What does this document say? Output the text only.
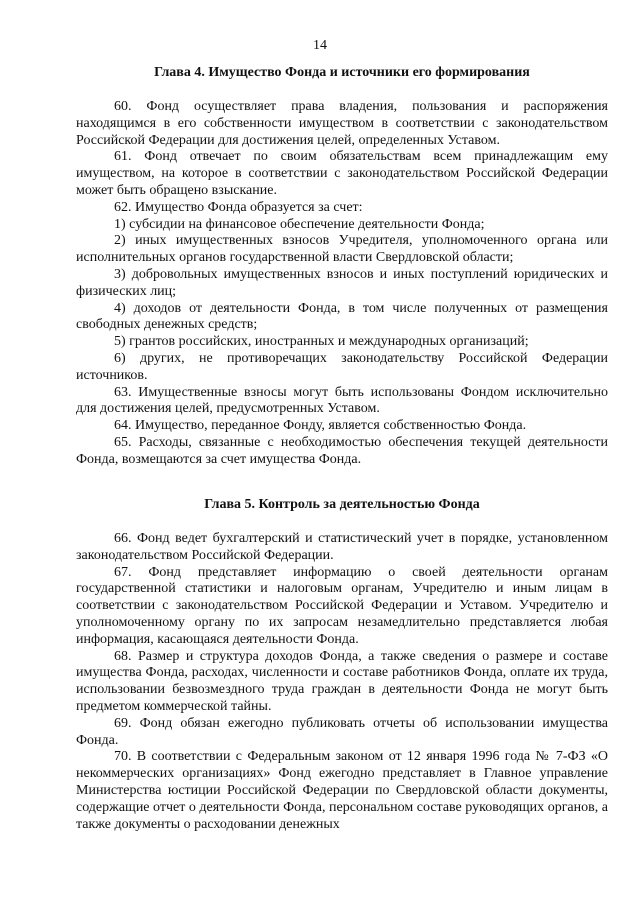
14
Глава 4. Имущество Фонда и источники его формирования

60. Фонд осуществляет права владения, пользования и распоряжения находящимся в его собственности имуществом в соответствии с законодательством Российской Федерации для достижения целей, определенных Уставом.

61. Фонд отвечает по своим обязательствам всем принадлежащим ему имуществом, на которое в соответствии с законодательством Российской Федерации может быть обращено взыскание.

62. Имущество Фонда образуется за счет:

1) субсидии на финансовое обеспечение деятельности Фонда;

2) иных имущественных взносов Учредителя, уполномоченного органа или исполнительных органов государственной власти Свердловской области;

3) добровольных имущественных взносов и иных поступлений юридических и физических лиц;

4) доходов от деятельности Фонда, в том числе полученных от размещения свободных денежных средств;

5) грантов российских, иностранных и международных организаций;

6) других, не противоречащих законодательству Российской Федерации источников.

63. Имущественные взносы могут быть использованы Фондом исключительно для достижения целей, предусмотренных Уставом.

64. Имущество, переданное Фонду, является собственностью Фонда.

65. Расходы, связанные с необходимостью обеспечения текущей деятельности Фонда, возмещаются за счет имущества Фонда.

Глава 5. Контроль за деятельностью Фонда

66. Фонд ведет бухгалтерский и статистический учет в порядке, установленном законодательством Российской Федерации.

67. Фонд представляет информацию о своей деятельности органам государственной статистики и налоговым органам, Учредителю и иным лицам в соответствии с законодательством Российской Федерации и Уставом. Учредителю и уполномоченному органу по их запросам незамедлительно представляется любая информация, касающаяся деятельности Фонда.

68. Размер и структура доходов Фонда, а также сведения о размере и составе имущества Фонда, расходах, численности и составе работников Фонда, оплате их труда, использовании безвозмездного труда граждан в деятельности Фонда не могут быть предметом коммерческой тайны.

69. Фонд обязан ежегодно публиковать отчеты об использовании имущества Фонда.

70. В соответствии с Федеральным законом от 12 января 1996 года № 7-ФЗ «О некоммерческих организациях» Фонд ежегодно представляет в Главное управление Министерства юстиции Российской Федерации по Свердловской области документы, содержащие отчет о деятельности Фонда, персональном составе руководящих органов, а также документы о расходовании денежных
